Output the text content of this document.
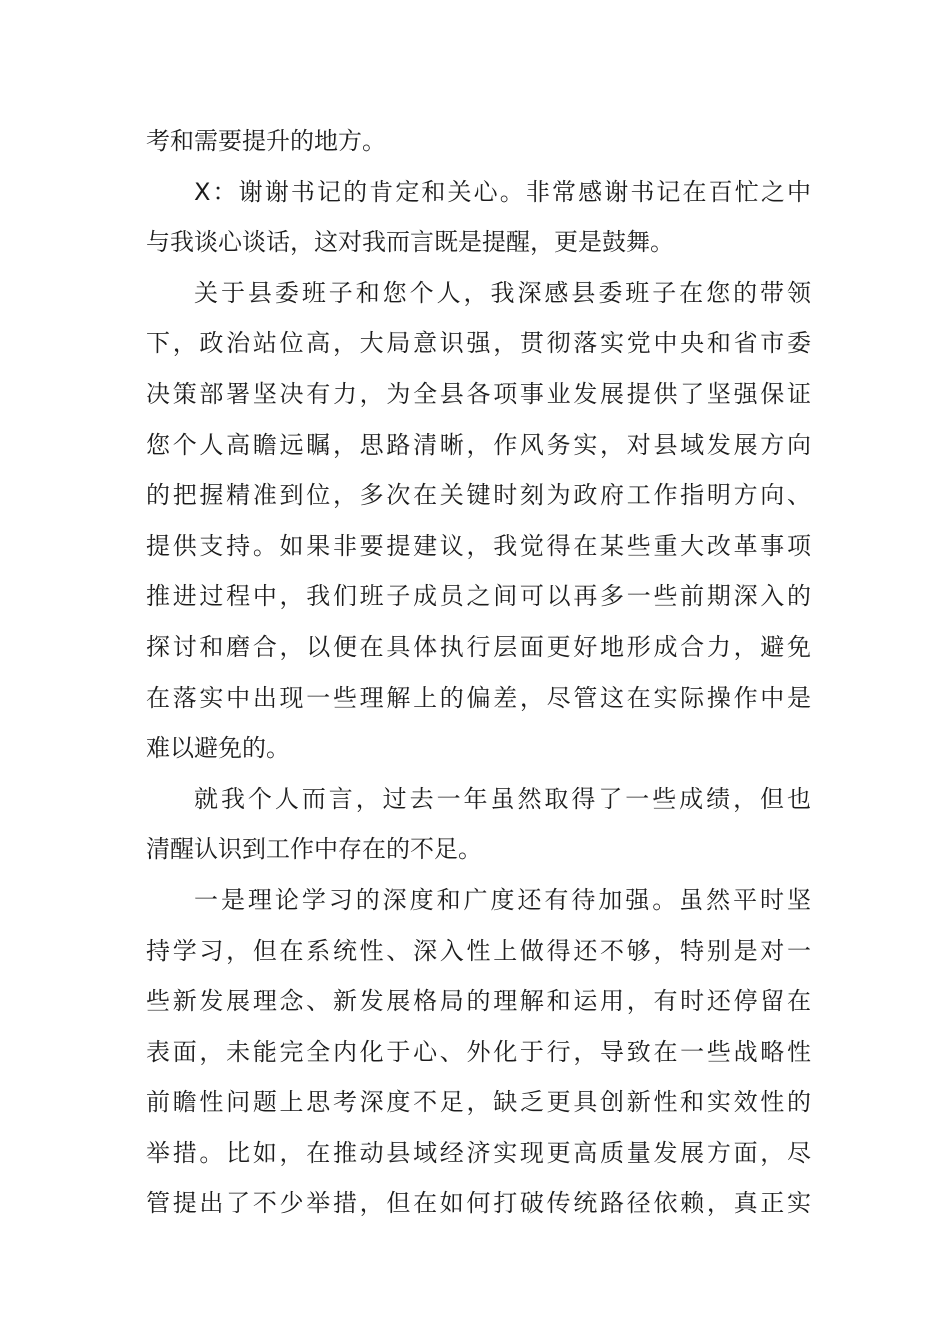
考和需要提升的地方。
X：谢谢书记的肯定和关心。非常感谢书记在百忙之中
与我谈心谈话，这对我而言既是提醒，更是鼓舞。
关于县委班子和您个人，我深感县委班子在您的带领
下，政治站位高，大局意识强，贯彻落实党中央和省市委
决策部署坚决有力，为全县各项事业发展提供了坚强保证
您个人高瞻远瞩，思路清晰，作风务实，对县域发展方向
的把握精准到位，多次在关键时刻为政府工作指明方向、
提供支持。如果非要提建议，我觉得在某些重大改革事项
推进过程中，我们班子成员之间可以再多一些前期深入的
探讨和磨合，以便在具体执行层面更好地形成合力，避免
在落实中出现一些理解上的偏差，尽管这在实际操作中是
难以避免的。
就我个人而言，过去一年虽然取得了一些成绩，但也
清醒认识到工作中存在的不足。
一是理论学习的深度和广度还有待加强。虽然平时坚
持学习，但在系统性、深入性上做得还不够，特别是对一
些新发展理念、新发展格局的理解和运用，有时还停留在
表面，未能完全内化于心、外化于行，导致在一些战略性
前瞻性问题上思考深度不足，缺乏更具创新性和实效性的
举措。比如，在推动县域经济实现更高质量发展方面，尽
管提出了不少举措，但在如何打破传统路径依赖，真正实
